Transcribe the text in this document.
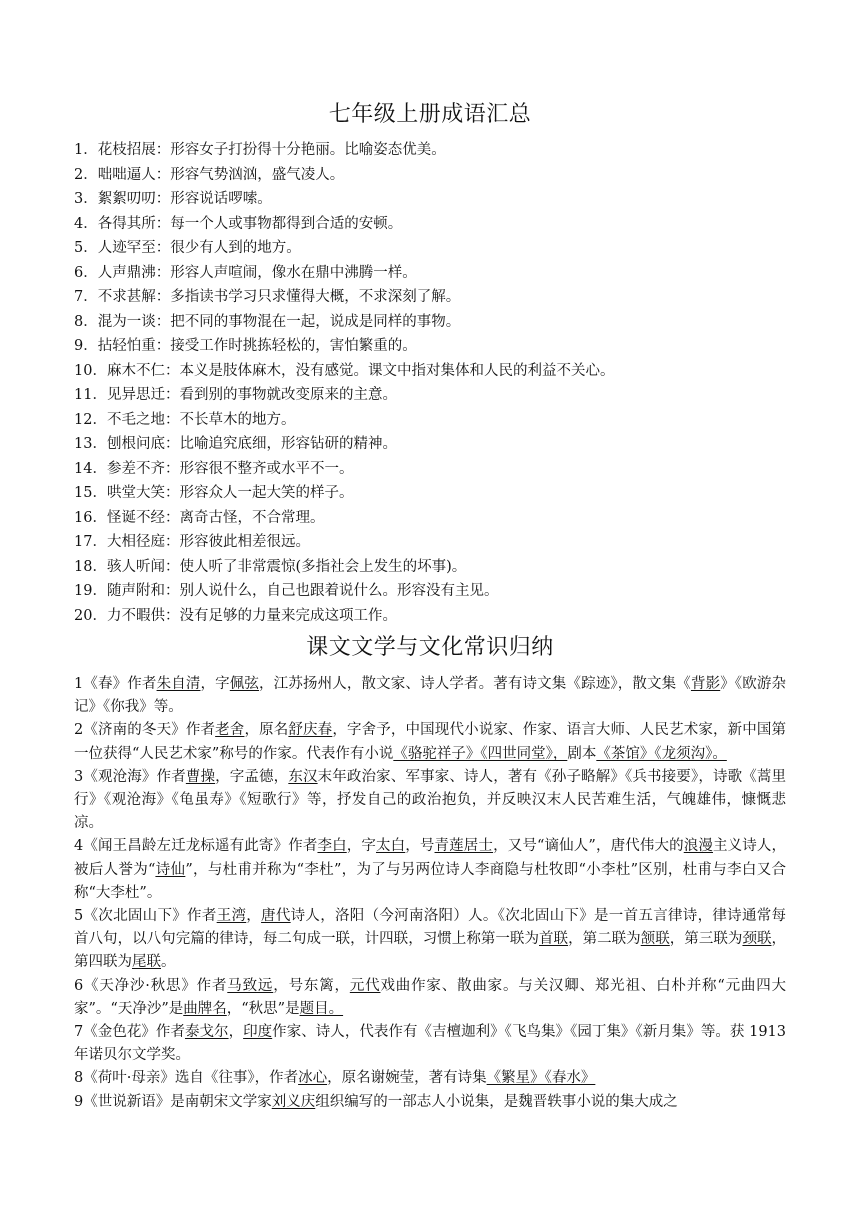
七年级上册成语汇总
1．花枝招展：形容女子打扮得十分艳丽。比喻姿态优美。
2．咄咄逼人：形容气势汹汹，盛气凌人。
3．絮絮叨叨：形容说话啰嗦。
4．各得其所：每一个人或事物都得到合适的安顿。
5．人迹罕至：很少有人到的地方。
6．人声鼎沸：形容人声喧闹，像水在鼎中沸腾一样。
7．不求甚解：多指读书学习只求懂得大概，不求深刻了解。
8．混为一谈：把不同的事物混在一起，说成是同样的事物。
9．拈轻怕重：接受工作时挑拣轻松的，害怕繁重的。
10．麻木不仁：本义是肢体麻木，没有感觉。课文中指对集体和人民的利益不关心。
11．见异思迁：看到别的事物就改变原来的主意。
12．不毛之地：不长草木的地方。
13．刨根问底：比喻追究底细，形容钻研的精神。
14．参差不齐：形容很不整齐或水平不一。
15．哄堂大笑：形容众人一起大笑的样子。
16．怪诞不经：离奇古怪，不合常理。
17．大相径庭：形容彼此相差很远。
18．骇人听闻：使人听了非常震惊(多指社会上发生的坏事)。
19．随声附和：别人说什么，自己也跟着说什么。形容没有主见。
20．力不暇供：没有足够的力量来完成这项工作。
课文文学与文化常识归纳
1《春》作者朱自清，字佩弦，江苏扬州人，散文家、诗人学者。著有诗文集《踪迹》，散文集《背影》《欧游杂记》《你我》等。
2《济南的冬天》作者老舍，原名舒庆春，字舍予，中国现代小说家、作家、语言大师、人民艺术家，新中国第一位获得“人民艺术家”称号的作家。代表作有小说《骆驼祥子》《四世同堂》，剧本《茶馆》《龙须沟》。
3《观沧海》作者曹操，字孟德，东汉末年政治家、军事家、诗人，著有《孙子略解》《兵书接要》，诗歌《蒿里行》《观沧海》《龟虽寿》《短歌行》等，抒发自己的政治抱负，并反映汉末人民苦难生活，气魄雄伟，慷慨悲凉。
4《闻王昌龄左迁龙标遥有此寄》作者李白，字太白，号青莲居士，又号“谪仙人”，唐代伟大的浪漫主义诗人，被后人誉为“诗仙”，与杜甫并称为“李杜”，为了与另两位诗人李商隐与杜牧即“小李杜”区别，杜甫与李白又合称“大李杜”。
5《次北固山下》作者王湾，唐代诗人，洛阳（今河南洛阳）人。《次北固山下》是一首五言律诗，律诗通常每首八句，以八句完篇的律诗，每二句成一联，计四联，习惯上称第一联为首联，第二联为颔联，第三联为颈联，第四联为尾联。
6《天净沙·秋思》作者马致远，号东篱，元代戏曲作家、散曲家。与关汉卿、郑光祖、白朴并称“元曲四大家”。“天净沙”是曲牌名，“秋思”是题目。
7《金色花》作者泰戈尔，印度作家、诗人，代表作有《吉檀迦利》《飞鸟集》《园丁集》《新月集》等。获 1913 年诺贝尔文学奖。
8《荷叶·母亲》选自《往事》，作者冰心，原名谢婉莹，著有诗集《繁星》《春水》
9《世说新语》是南朝宋文学家刘义庆组织编写的一部志人小说集，是魏晋轶事小说的集大成之
